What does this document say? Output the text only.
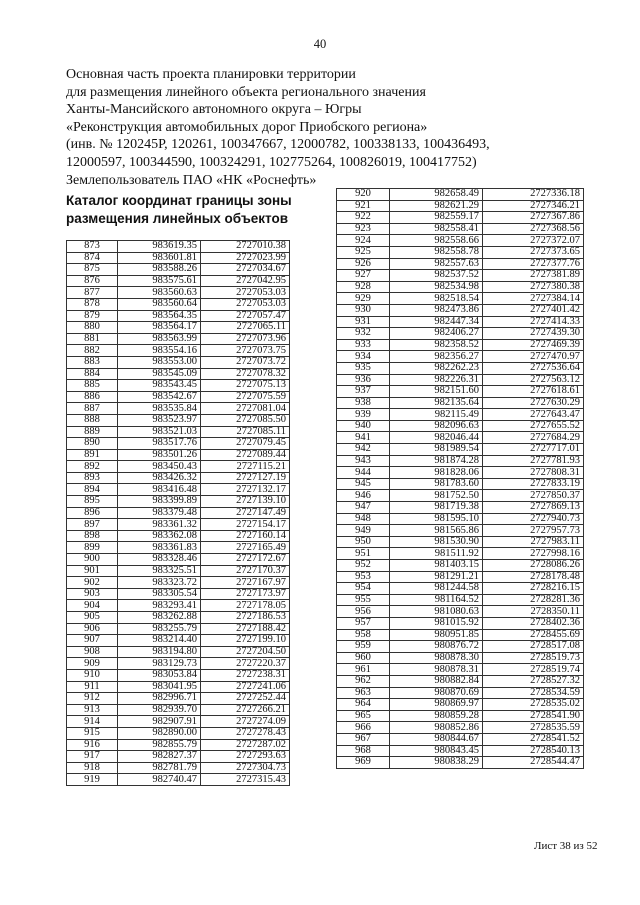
40
Основная часть проекта планировки территории
для размещения линейного объекта регионального значения
Ханты-Мансийского автономного округа – Югры
«Реконструкция автомобильных дорог Приобского региона»
(инв. № 120245Р, 120261, 100347667, 12000782, 100338133, 100436493,
12000597, 100344590, 100324291, 102775264, 100826019, 100417752)
Землепользователь ПАО «НК «Роснефть»
Каталог координат границы зоны
размещения линейных объектов
873	983619.35	2727010.38
874	983601.81	2727023.99
875	983588.26	2727034.67
876	983575.61	2727042.95
877	983560.63	2727053.03
878	983560.64	2727053.03
879	983564.35	2727057.47
880	983564.17	2727065.11
881	983563.99	2727073.96
882	983554.16	2727073.75
883	983553.00	2727073.72
884	983545.09	2727078.32
885	983543.45	2727075.13
886	983542.67	2727075.59
887	983535.84	2727081.04
888	983523.97	2727085.50
889	983521.03	2727085.11
890	983517.76	2727079.45
891	983501.26	2727089.44
892	983450.43	2727115.21
893	983426.32	2727127.19
894	983416.48	2727132.17
895	983399.89	2727139.10
896	983379.48	2727147.49
897	983361.32	2727154.17
898	983362.08	2727160.14
899	983361.83	2727165.49
900	983328.46	2727172.67
901	983325.51	2727170.37
902	983323.72	2727167.97
903	983305.54	2727173.97
904	983293.41	2727178.05
905	983262.88	2727186.53
906	983255.79	2727188.42
907	983214.40	2727199.10
908	983194.80	2727204.50
909	983129.73	2727220.37
910	983053.84	2727238.31
911	983041.95	2727241.06
912	982996.71	2727252.44
913	982939.70	2727266.21
914	982907.91	2727274.09
915	982890.00	2727278.43
916	982855.79	2727287.02
917	982827.37	2727293.63
918	982781.79	2727304.73
919	982740.47	2727315.43
920	982658.49	2727336.18
921	982621.29	2727346.21
922	982559.17	2727367.86
923	982558.41	2727368.56
924	982558.66	2727372.07
925	982558.78	2727373.65
926	982557.63	2727377.76
927	982537.52	2727381.89
928	982534.98	2727380.38
929	982518.54	2727384.14
930	982473.86	2727401.42
931	982447.34	2727414.33
932	982406.27	2727439.30
933	982358.52	2727469.39
934	982356.27	2727470.97
935	982262.23	2727536.64
936	982226.31	2727563.12
937	982151.60	2727618.61
938	982135.64	2727630.29
939	982115.49	2727643.47
940	982096.63	2727655.52
941	982046.44	2727684.29
942	981989.54	2727717.01
943	981874.28	2727781.93
944	981828.06	2727808.31
945	981783.60	2727833.19
946	981752.50	2727850.37
947	981719.38	2727869.13
948	981595.10	2727940.73
949	981565.86	2727957.73
950	981530.90	2727983.11
951	981511.92	2727998.16
952	981403.15	2728086.26
953	981291.21	2728178.48
954	981244.58	2728216.15
955	981164.52	2728281.36
956	981080.63	2728350.11
957	981015.92	2728402.36
958	980951.85	2728455.69
959	980876.72	2728517.08
960	980878.30	2728519.73
961	980878.31	2728519.74
962	980882.84	2728527.32
963	980870.69	2728534.59
964	980869.97	2728535.02
965	980859.28	2728541.90
966	980852.86	2728535.59
967	980844.67	2728541.52
968	980843.45	2728540.13
969	980838.29	2728544.47
Лист 38 из 52
